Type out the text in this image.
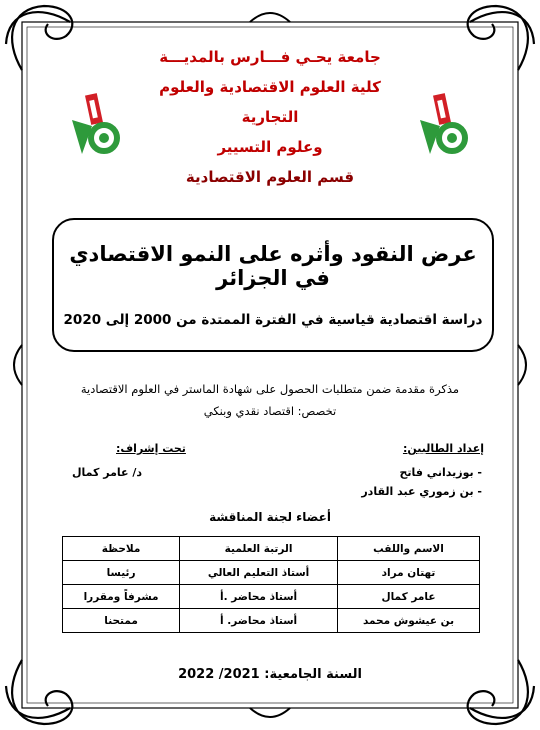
جامعة يحـي فـــارس بالمديـــة
كلية العلوم الاقتصادية والعلوم التجارية
وعلوم التسيير
قسم العلوم الاقتصادية
عرض النقود وأثره على النمو الاقتصادي في الجزائر
دراسة اقتصادية قياسية في الفترة الممتدة من 2000 إلى 2020
مذكرة مقدمة ضمن متطلبات الحصول على شهادة الماستر في العلوم الاقتصادية
تخصص: اقتصاد نقدي وبنكي
إعداد الطالبين:
- بوزيداني فاتح
- بن زموري عبد القادر
تحت إشراف:
د/ عامر كمال
أعضاء لجنة المناقشة
الاسم واللقب	الرتبة العلمية	ملاحظة
تهتان مراد	أستاذ التعليم العالي	رئيسا
عامر كمال	أستاذ محاضر .أ	مشرفاً ومقررا
بن عيشوش محمد	أستاذ محاضر. أ	ممتحنا
السنة الجامعية: 2021/ 2022
